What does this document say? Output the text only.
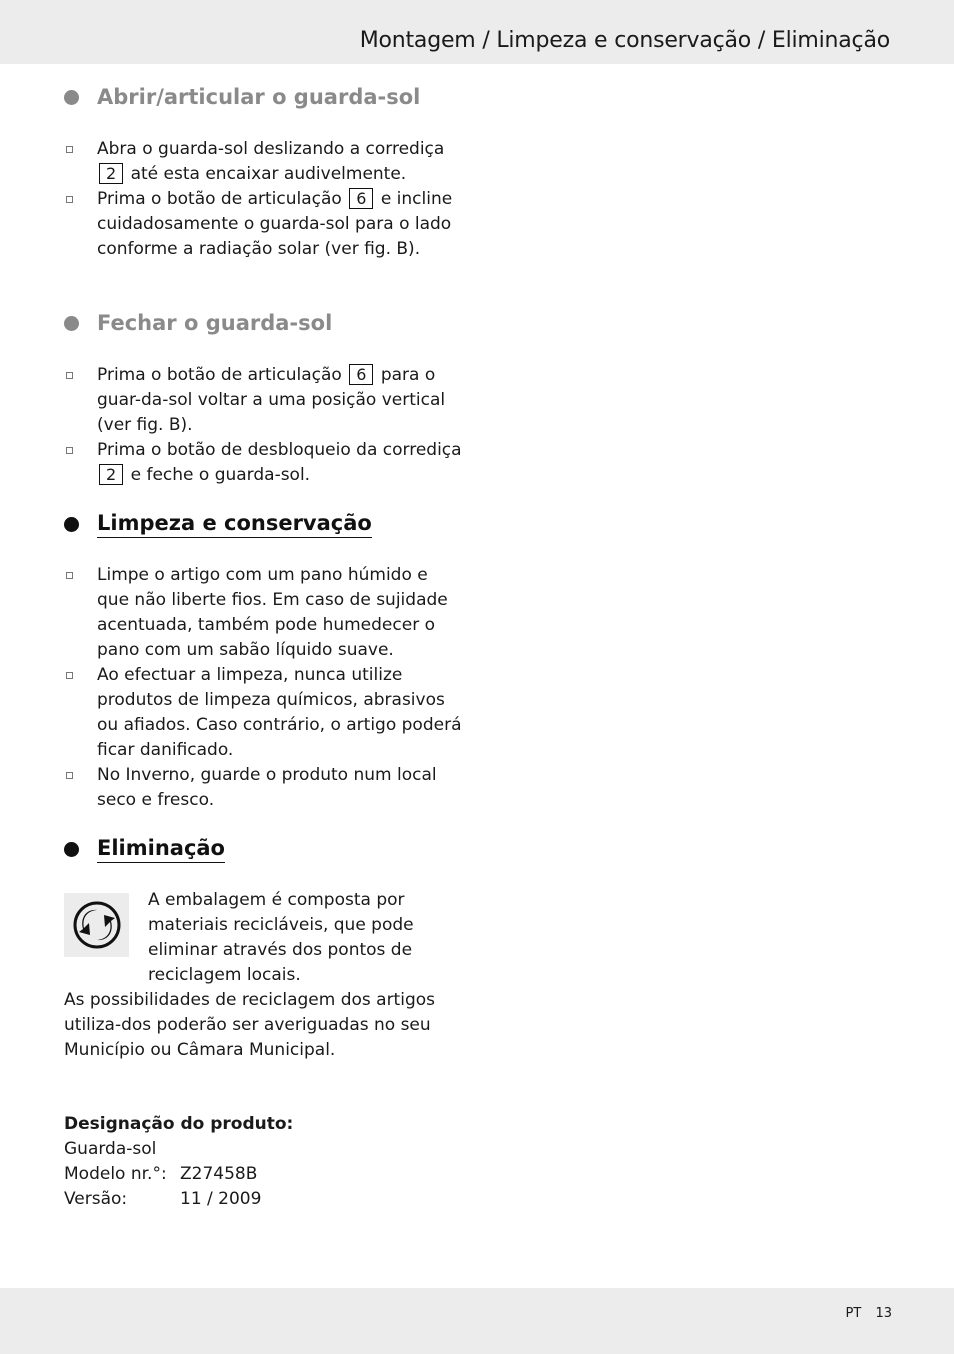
Montagem / Limpeza e conservação / Eliminação
Abrir/articular o guarda-sol
Abra o guarda-sol deslizando a corrediça 2 até esta encaixar audivelmente.
Prima o botão de articulação 6 e incline cuidadosamente o guarda-sol para o lado conforme a radiação solar (ver fig. B).
Fechar o guarda-sol
Prima o botão de articulação 6 para o guar-da-sol voltar a uma posição vertical (ver fig. B).
Prima o botão de desbloqueio da corrediça 2 e feche o guarda-sol.
Limpeza e conservação
Limpe o artigo com um pano húmido e que não liberte fios. Em caso de sujidade acentuada, também pode humedecer o pano com um sabão líquido suave.
Ao efectuar a limpeza, nunca utilize produtos de limpeza químicos, abrasivos ou afiados. Caso contrário, o artigo poderá ficar danificado.
No Inverno, guarde o produto num local seco e fresco.
Eliminação
A embalagem é composta por materiais recicláveis, que pode eliminar através dos pontos de reciclagem locais.
As possibilidades de reciclagem dos artigos utiliza-dos poderão ser averiguadas no seu Município ou Câmara Municipal.
Designação do produto:
Guarda-sol
Modelo nr.°: Z27458B
Versão:	11 / 2009
PT 13
